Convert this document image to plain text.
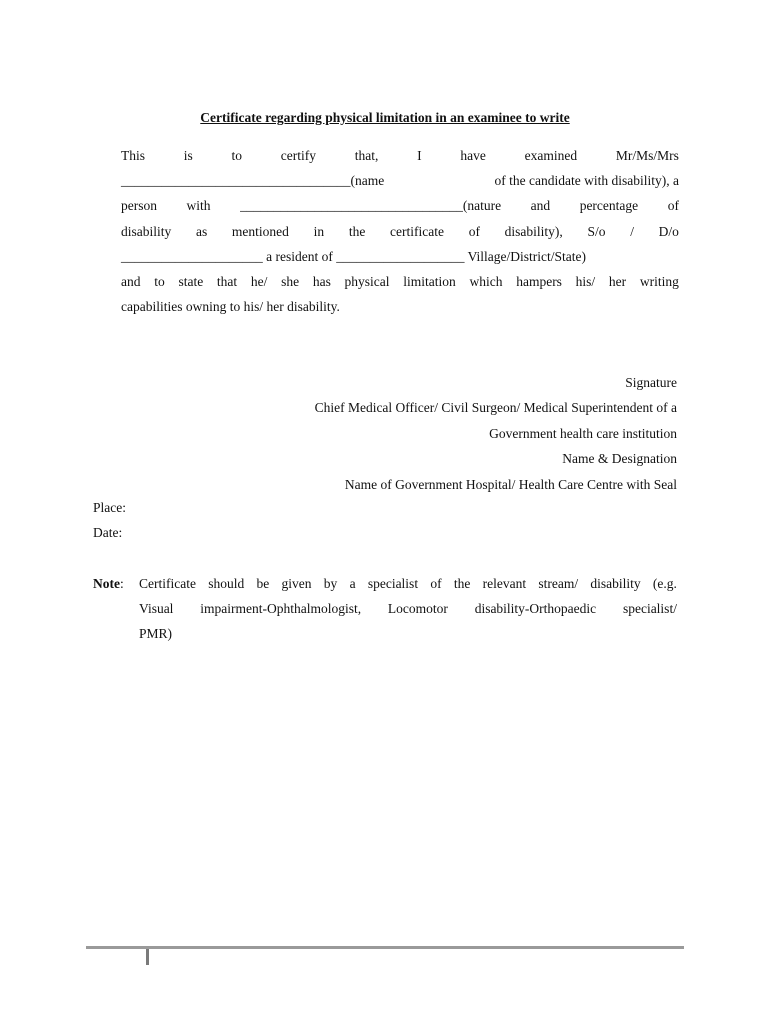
Certificate regarding physical limitation in an examinee to write
This	is	to	certify	that,	I	have	examined	Mr/Ms/Mrs
__________________________________(name	of the candidate with disability), a
person with _________________________________(nature and percentage of
disability as mentioned in the certificate of disability), S/o / D/o
_____________________ a resident of ___________________ Village/District/State)
and to state that he/ she has physical limitation which hampers his/ her writing
capabilities owning to his/ her disability.
Signature
Chief Medical Officer/ Civil Surgeon/ Medical Superintendent of a
Government health care institution
Name & Designation
Name of Government Hospital/ Health Care Centre with Seal
Place:
Date:
Note:	Certificate should be given by a specialist of the relevant stream/ disability (e.g.
Visual impairment-Ophthalmologist, Locomotor disability-Orthopaedic specialist/
PMR)
